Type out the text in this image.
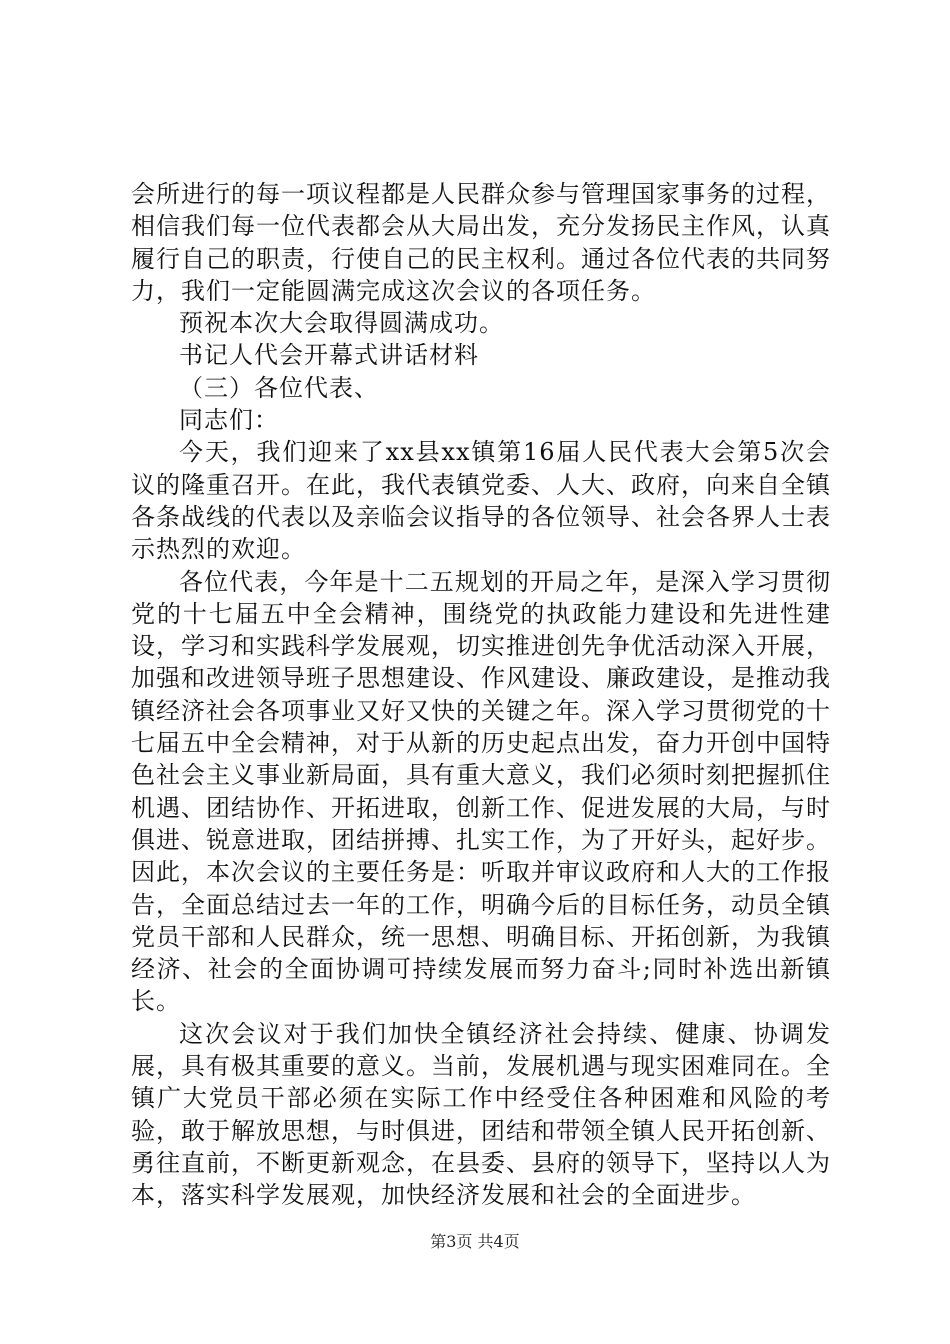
会所进行的每一项议程都是人民群众参与管理国家事务的过程，相信我们每一位代表都会从大局出发，充分发扬民主作风，认真履行自己的职责，行使自己的民主权利。通过各位代表的共同努力，我们一定能圆满完成这次会议的各项任务。

预祝本次大会取得圆满成功。

书记人代会开幕式讲话材料

（三）各位代表、

同志们：

今天，我们迎来了xx县xx镇第16届人民代表大会第5次会议的隆重召开。在此，我代表镇党委、人大、政府，向来自全镇各条战线的代表以及亲临会议指导的各位领导、社会各界人士表示热烈的欢迎。

各位代表，今年是十二五规划的开局之年，是深入学习贯彻党的十七届五中全会精神，围绕党的执政能力建设和先进性建设，学习和实践科学发展观，切实推进创先争优活动深入开展，加强和改进领导班子思想建设、作风建设、廉政建设，是推动我镇经济社会各项事业又好又快的关键之年。深入学习贯彻党的十七届五中全会精神，对于从新的历史起点出发，奋力开创中国特色社会主义事业新局面，具有重大意义，我们必须时刻把握抓住机遇、团结协作、开拓进取，创新工作、促进发展的大局，与时俱进、锐意进取，团结拼搏、扎实工作，为了开好头，起好步。因此，本次会议的主要任务是：听取并审议政府和人大的工作报告，全面总结过去一年的工作，明确今后的目标任务，动员全镇党员干部和人民群众，统一思想、明确目标、开拓创新，为我镇经济、社会的全面协调可持续发展而努力奋斗;同时补选出新镇长。

这次会议对于我们加快全镇经济社会持续、健康、协调发展，具有极其重要的意义。当前，发展机遇与现实困难同在。全镇广大党员干部必须在实际工作中经受住各种困难和风险的考验，敢于解放思想，与时俱进，团结和带领全镇人民开拓创新、勇往直前，不断更新观念，在县委、县府的领导下，坚持以人为本，落实科学发展观，加快经济发展和社会的全面进步。

第3页 共4页
